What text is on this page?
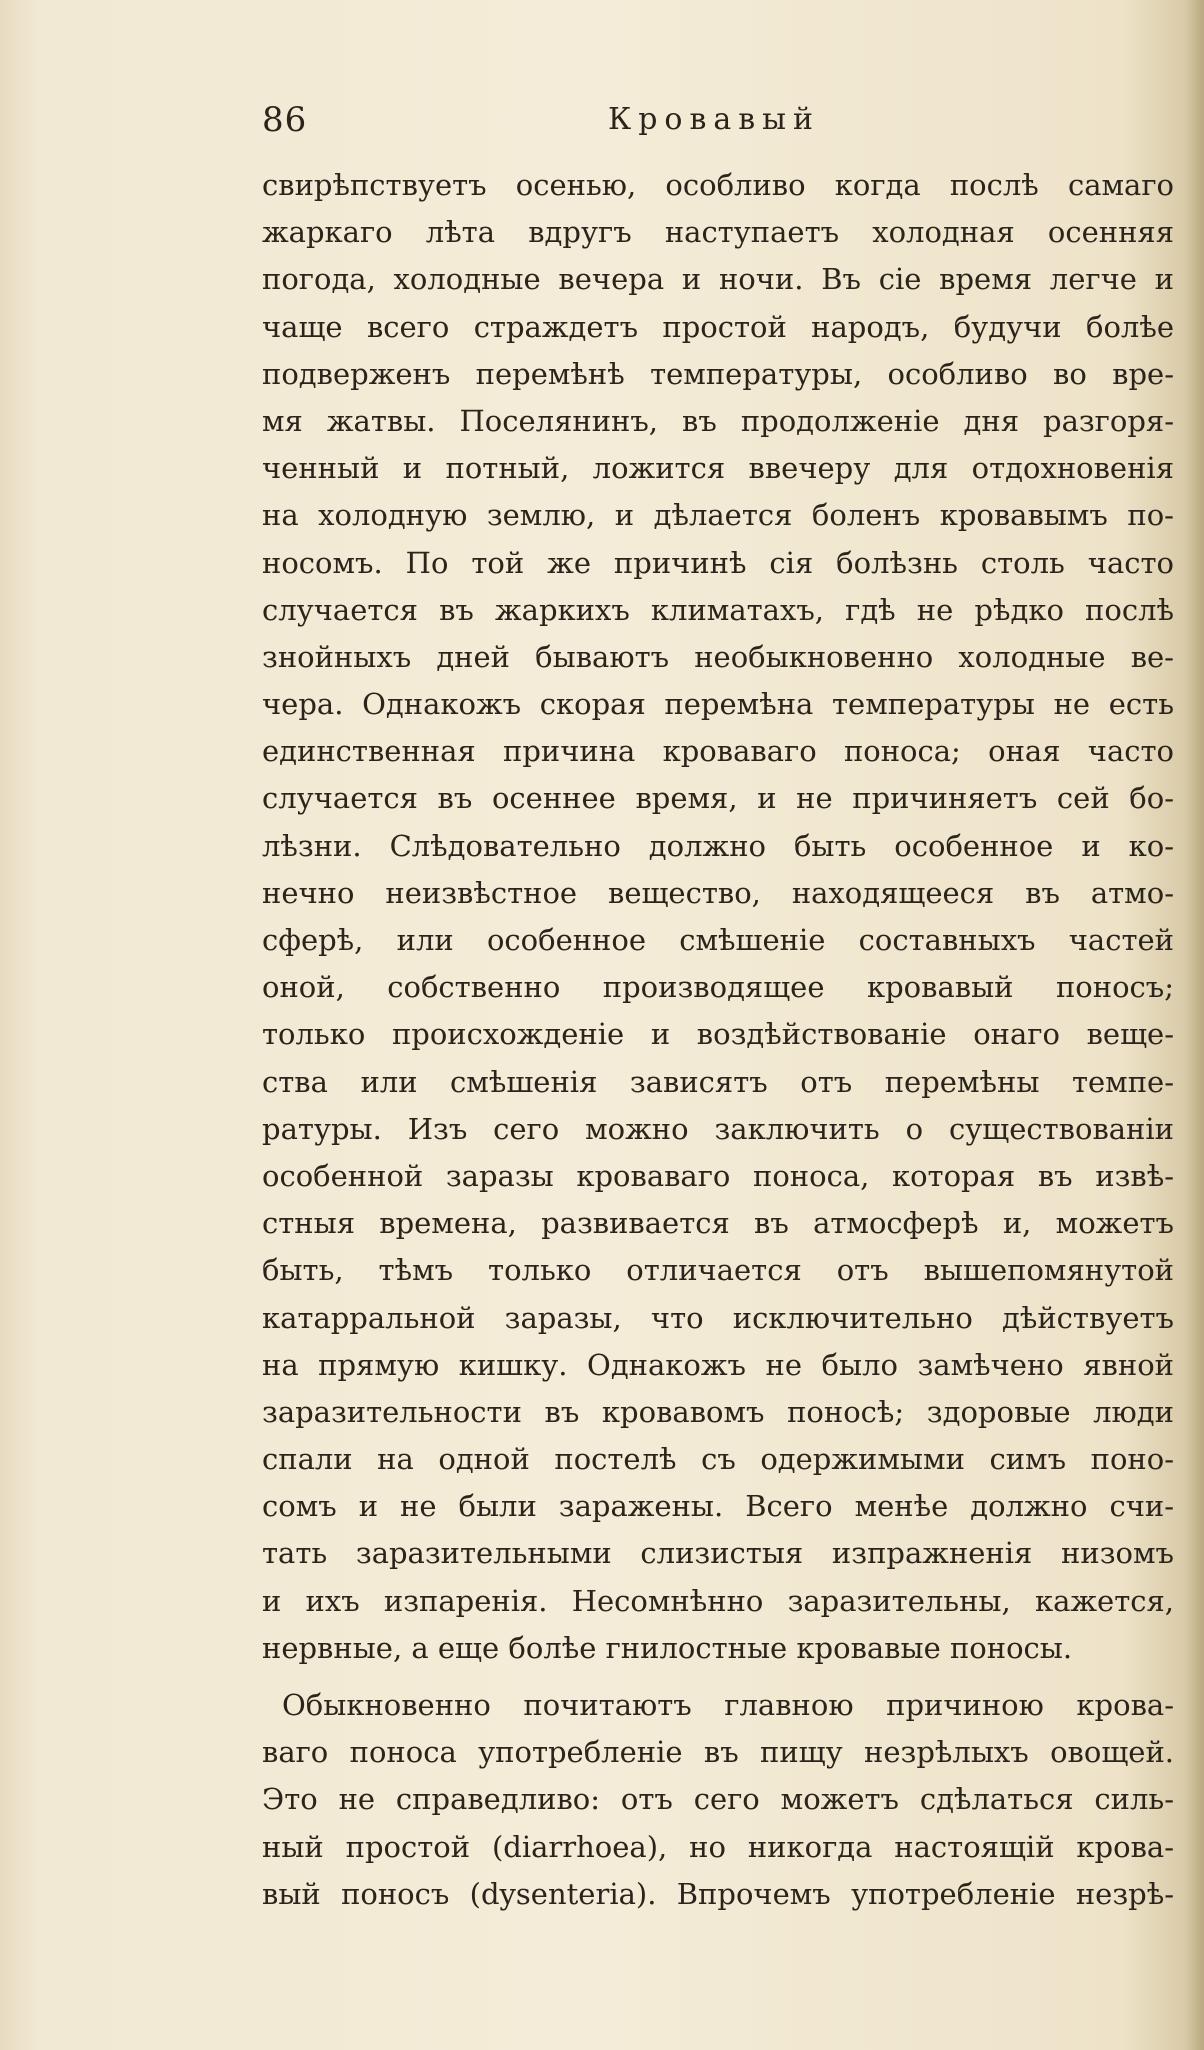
86	Кровавый
свирѣпствуетъ осенью, особливо когда послѣ самаго
жаркаго лѣта вдругъ наступаетъ холодная осенняя
погода, холодные вечера и ночи. Въ сіе время легче и
чаще всего страждетъ простой народъ, будучи болѣе
подверженъ перемѣнѣ температуры, особливо во вре-
мя жатвы. Поселянинъ, въ продолженіе дня разгоря-
ченный и потный, ложится ввечеру для отдохновенія
на холодную землю, и дѣлается боленъ кровавымъ по-
носомъ. По той же причинѣ сія болѣзнь столь часто
случается въ жаркихъ климатахъ, гдѣ не рѣдко послѣ
знойныхъ дней бываютъ необыкновенно холодные ве-
чера. Однакожъ скорая перемѣна температуры не есть
единственная причина кроваваго поноса; оная часто
случается въ осеннее время, и не причиняетъ сей бо-
лѣзни. Слѣдовательно должно быть особенное и ко-
нечно неизвѣстное вещество, находящееся въ атмо-
сферѣ, или особенное смѣшеніе составныхъ частей
оной, собственно производящее кровавый поносъ;
только происхожденіе и воздѣйствованіе онаго веще-
ства или смѣшенія зависятъ отъ перемѣны темпе-
ратуры. Изъ сего можно заключить о существованіи
особенной заразы кроваваго поноса, которая въ извѣ-
стныя времена, развивается въ атмосферѣ и, можетъ
быть, тѣмъ только отличается отъ вышепомянутой
катарральной заразы, что исключительно дѣйствуетъ
на прямую кишку. Однакожъ не было замѣчено явной
заразительности въ кровавомъ поносѣ; здоровые люди
спали на одной постелѣ съ одержимыми симъ поно-
сомъ и не были заражены. Всего менѣе должно счи-
тать заразительными слизистыя изпражненія низомъ
и ихъ изпаренія. Несомнѣнно заразительны, кажется,
нервные, а еще болѣе гнилостные кровавые поносы.
Обыкновенно почитаютъ главною причиною крова-
ваго поноса употребленіе въ пищу незрѣлыхъ овощей.
Это не справедливо: отъ сего можетъ сдѣлаться силь-
ный простой (diarrhoea), но никогда настоящій крова-
вый поносъ (dysenteria). Впрочемъ употребленіе незрѣ-
